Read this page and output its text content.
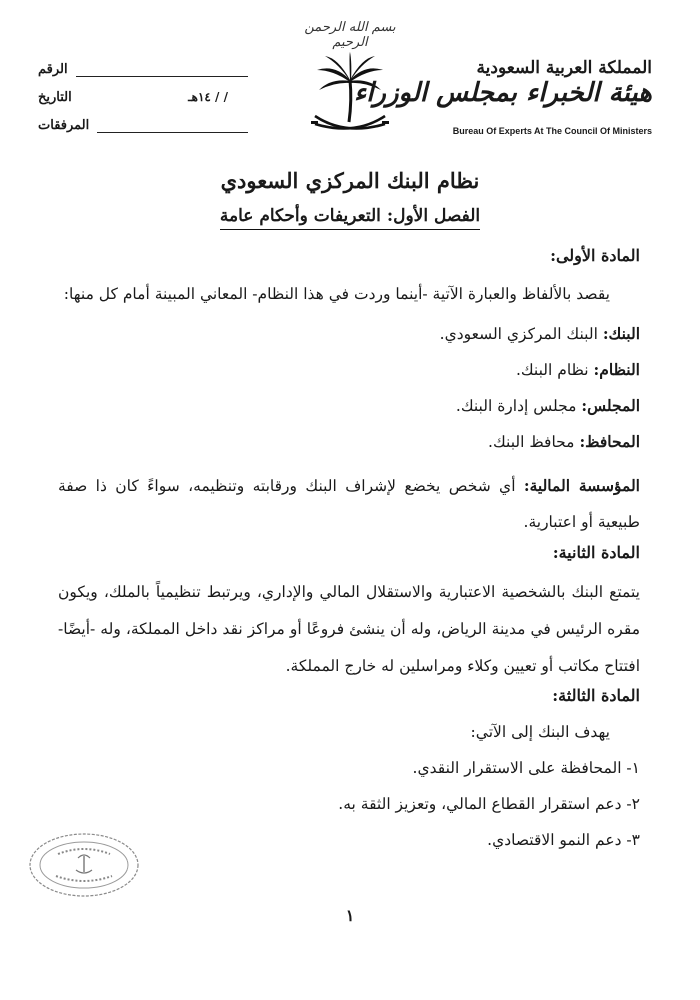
بسم الله الرحمن الرحيم
المملكة العربية السعودية
هيئة الخبراء بمجلس الوزراء
Bureau Of Experts At The Council Of Ministers
الرقم
التاريخ	/ / ١٤هـ
المرفقات
نظام البنك المركزي السعودي
الفصل الأول: التعريفات وأحكام عامة
المادة الأولى:
يقصد بالألفاظ والعبارة الآتية -أينما وردت في هذا النظام- المعاني المبينة أمام كل منها:
البنك: البنك المركزي السعودي.
النظام: نظام البنك.
المجلس: مجلس إدارة البنك.
المحافظ: محافظ البنك.
المؤسسة المالية: أي شخص يخضع لإشراف البنك ورقابته وتنظيمه، سواءً كان ذا صفة طبيعية أو اعتبارية.
المادة الثانية:
يتمتع البنك بالشخصية الاعتبارية والاستقلال المالي والإداري، ويرتبط تنظيمياً بالملك، ويكون مقره الرئيس في مدينة الرياض، وله أن ينشئ فروعًا أو مراكز نقد داخل المملكة، وله -أيضًا- افتتاح مكاتب أو تعيين وكلاء ومراسلين له خارج المملكة.
المادة الثالثة:
يهدف البنك إلى الآتي:
١- المحافظة على الاستقرار النقدي.
٢- دعم استقرار القطاع المالي، وتعزيز الثقة به.
٣- دعم النمو الاقتصادي.
١
